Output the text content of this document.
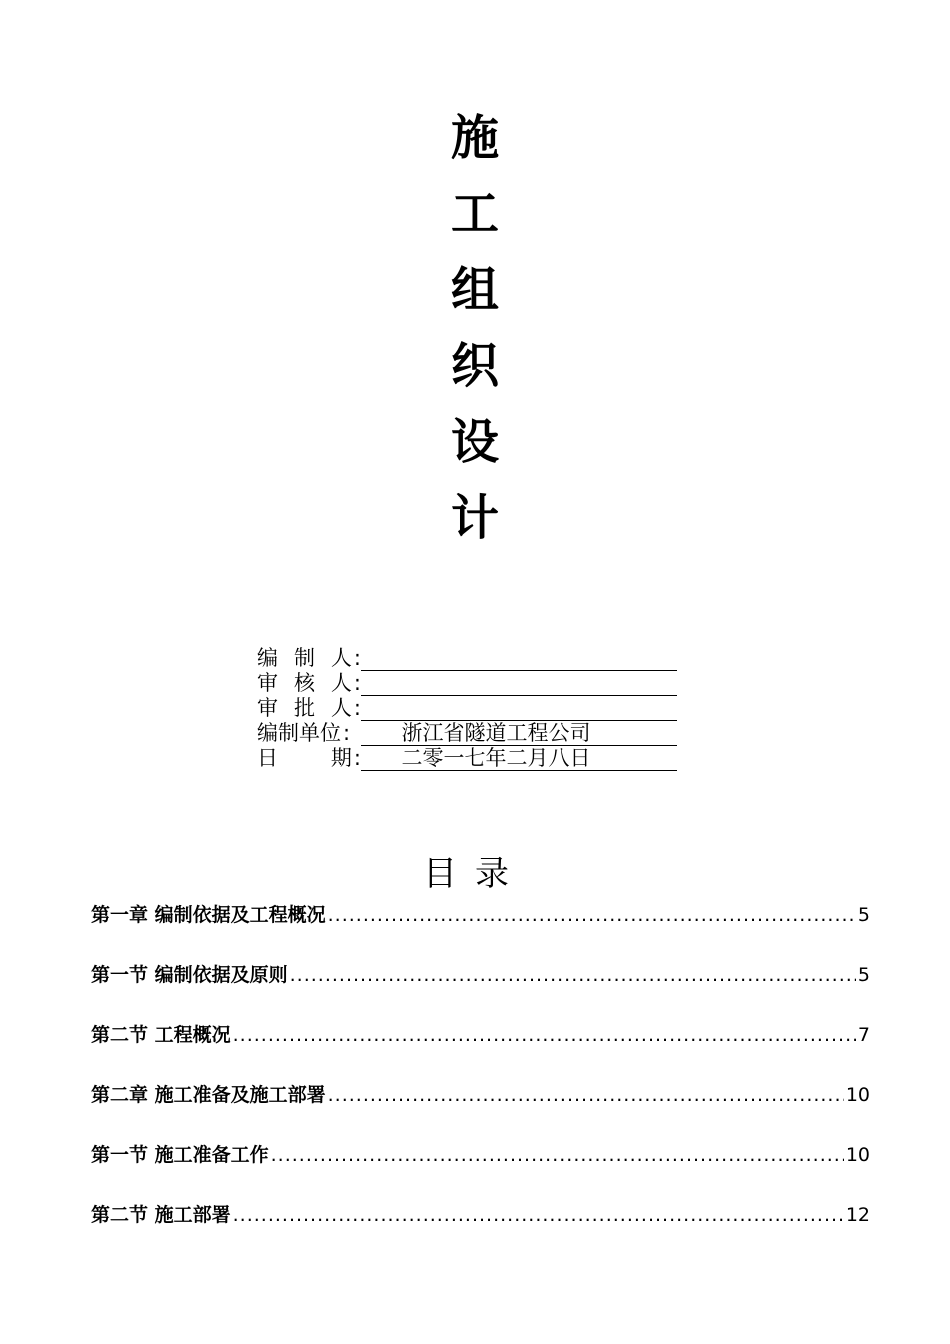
施
工
组
织
设
计
编 制 人:
审 核 人:
审 批 人:
编制单位:	浙江省隧道工程公司
日	期:	二零一七年二月八日
目录
第一章 编制依据及工程概况 .....	5
第一节 编制依据及原则 .....	5
第二节 工程概况 .....	7
第二章 施工准备及施工部署 .....	10
第一节 施工准备工作 .....	10
第二节 施工部署 .....	12
